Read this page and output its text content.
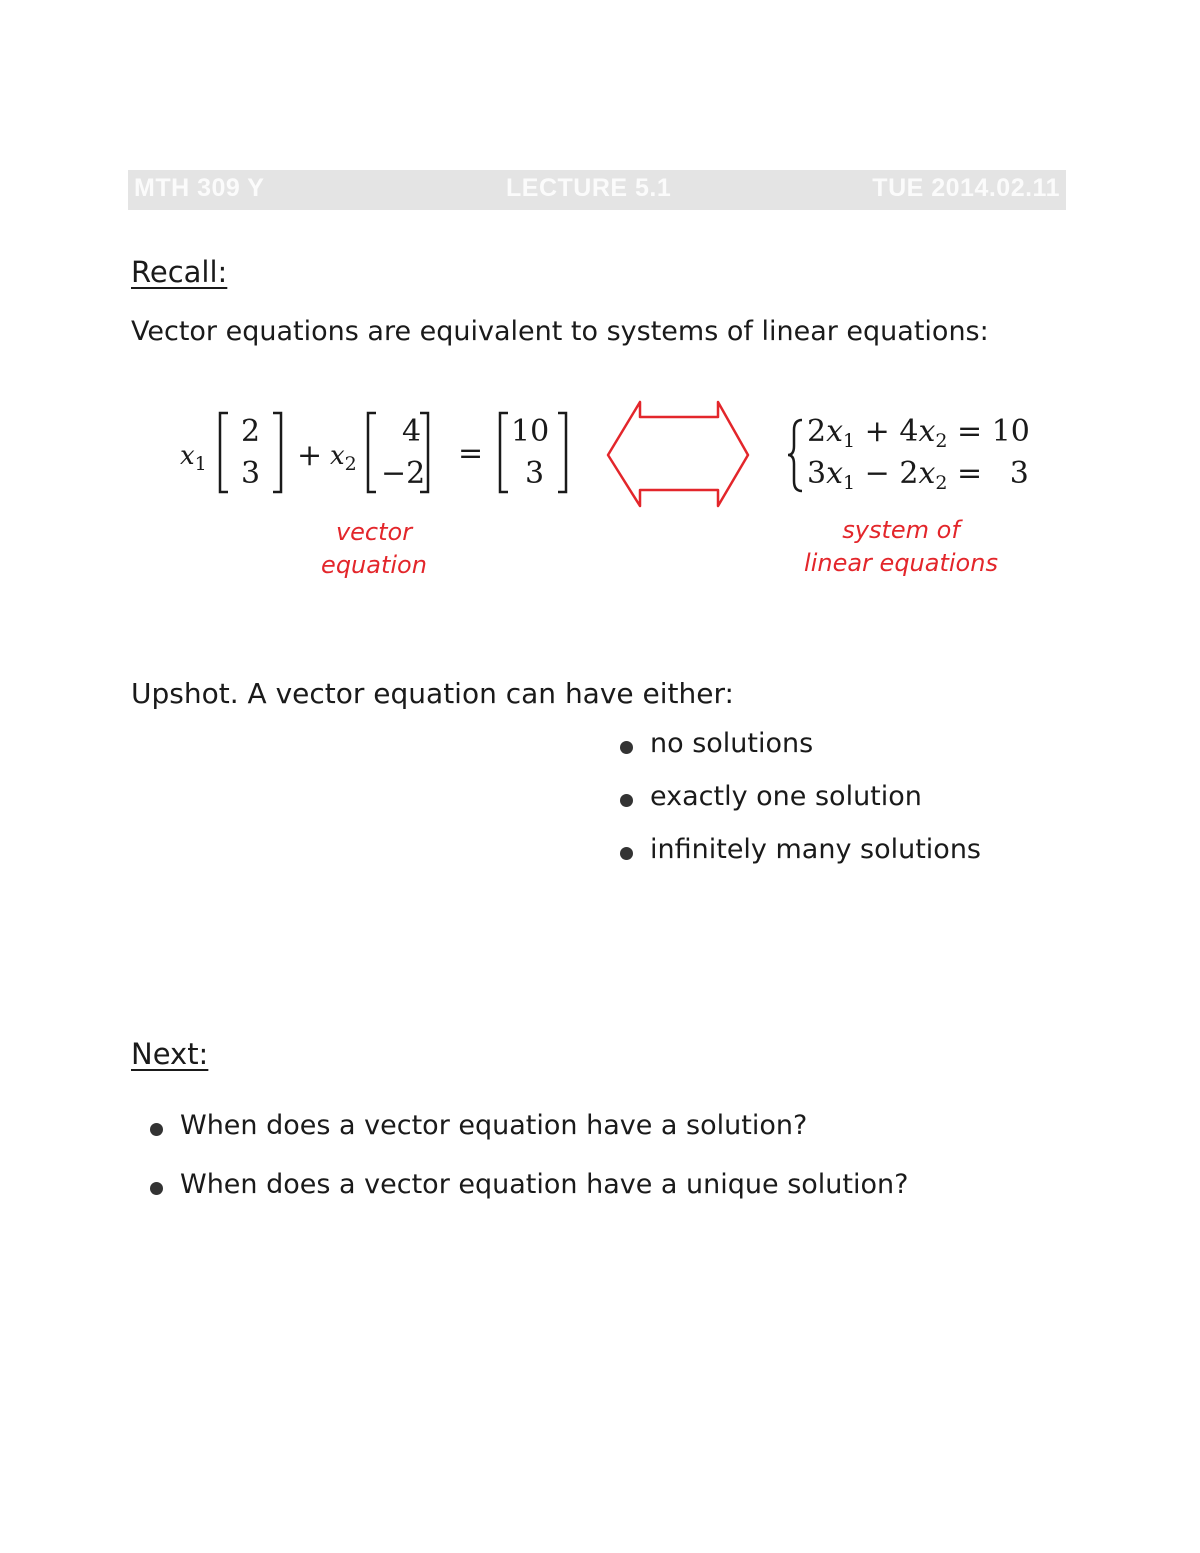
MTH 309 Y	LECTURE 5.1	TUE 2014.02.11
Recall:

Vector equations are equivalent to systems of linear equations:

$x_1$
2
3
+ $x_2$
4
−2
=
10
3
vector
equation
$2x_1 + 4x_2 = 10$
$3x_1 - 2x_2 = 3$
system of
linear equations

Upshot. A vector equation can have either:

no solutions
exactly one solution
infinitely many solutions
Next:
When does a vector equation have a solution?
When does a vector equation have a unique solution?
